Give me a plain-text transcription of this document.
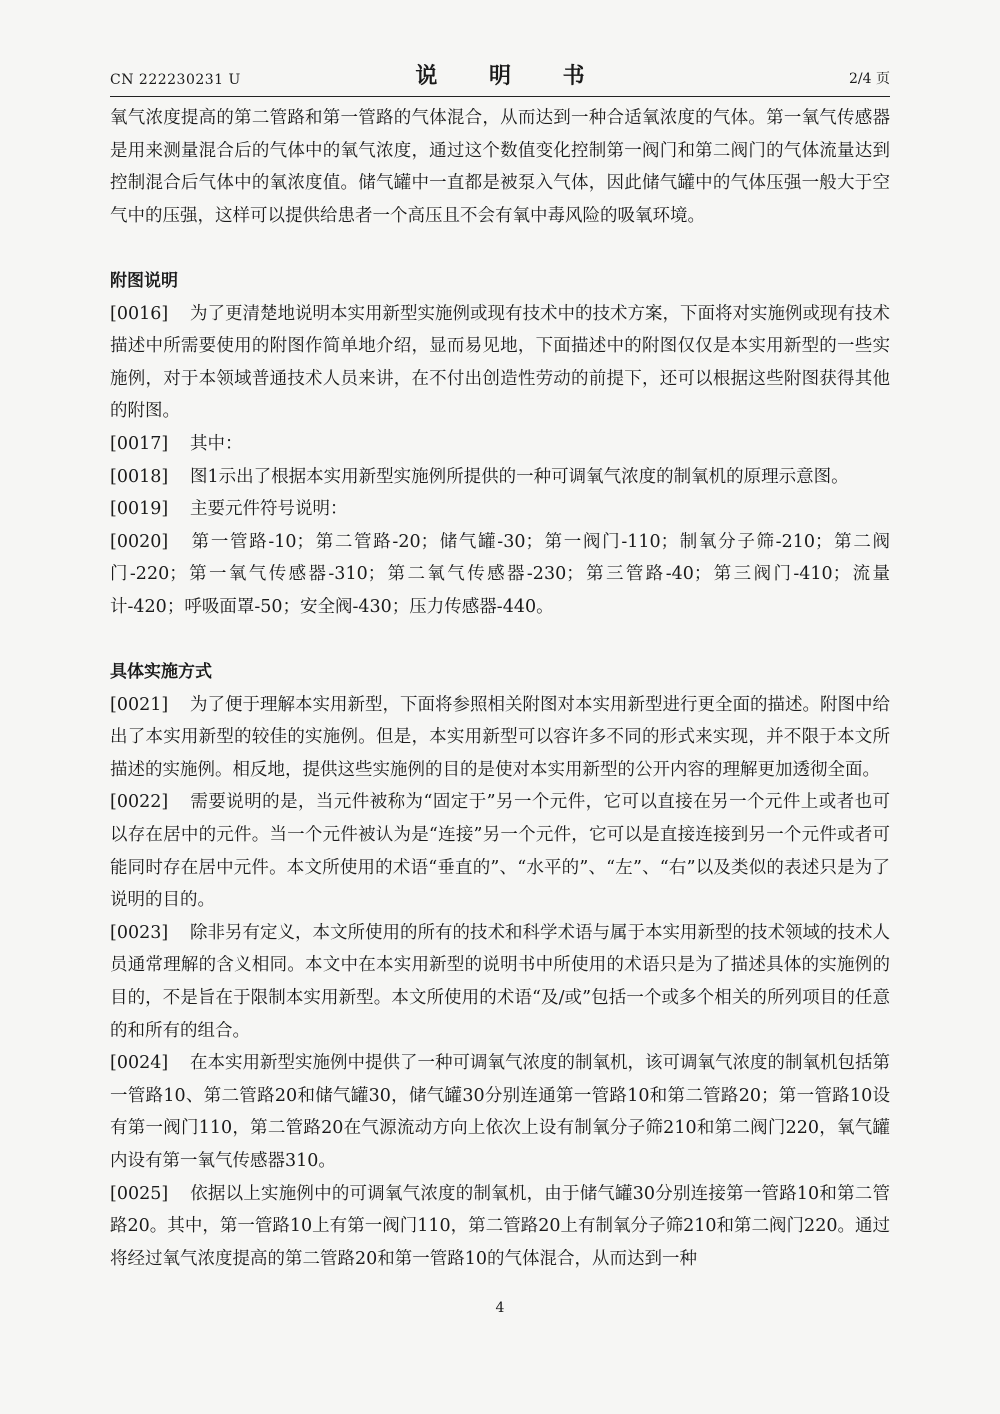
CN 222230231 U	说 明 书	2/4 页

氧气浓度提高的第二管路和第一管路的气体混合，从而达到一种合适氧浓度的气体。第一氧气传感器是用来测量混合后的气体中的氧气浓度，通过这个数值变化控制第一阀门和第二阀门的气体流量达到控制混合后气体中的氧浓度值。储气罐中一直都是被泵入气体，因此储气罐中的气体压强一般大于空气中的压强，这样可以提供给患者一个高压且不会有氧中毒风险的吸氧环境。

附图说明

[0016] 为了更清楚地说明本实用新型实施例或现有技术中的技术方案，下面将对实施例或现有技术描述中所需要使用的附图作简单地介绍，显而易见地，下面描述中的附图仅仅是本实用新型的一些实施例，对于本领域普通技术人员来讲，在不付出创造性劳动的前提下，还可以根据这些附图获得其他的附图。

[0017] 其中：

[0018] 图1示出了根据本实用新型实施例所提供的一种可调氧气浓度的制氧机的原理示意图。

[0019] 主要元件符号说明：

[0020] 第一管路-10；第二管路-20；储气罐-30；第一阀门-110；制氧分子筛-210；第二阀门-220；第一氧气传感器-310；第二氧气传感器-230；第三管路-40；第三阀门-410；流量计-420；呼吸面罩-50；安全阀-430；压力传感器-440。

具体实施方式

[0021] 为了便于理解本实用新型，下面将参照相关附图对本实用新型进行更全面的描述。附图中给出了本实用新型的较佳的实施例。但是，本实用新型可以容许多不同的形式来实现，并不限于本文所描述的实施例。相反地，提供这些实施例的目的是使对本实用新型的公开内容的理解更加透彻全面。

[0022] 需要说明的是，当元件被称为“固定于”另一个元件，它可以直接在另一个元件上或者也可以存在居中的元件。当一个元件被认为是“连接”另一个元件，它可以是直接连接到另一个元件或者可能同时存在居中元件。本文所使用的术语“垂直的”、“水平的”、“左”、“右”以及类似的表述只是为了说明的目的。

[0023] 除非另有定义，本文所使用的所有的技术和科学术语与属于本实用新型的技术领域的技术人员通常理解的含义相同。本文中在本实用新型的说明书中所使用的术语只是为了描述具体的实施例的目的，不是旨在于限制本实用新型。本文所使用的术语“及/或”包括一个或多个相关的所列项目的任意的和所有的组合。

[0024] 在本实用新型实施例中提供了一种可调氧气浓度的制氧机，该可调氧气浓度的制氧机包括第一管路10、第二管路20和储气罐30，储气罐30分别连通第一管路10和第二管路20；第一管路10设有第一阀门110，第二管路20在气源流动方向上依次上设有制氧分子筛210和第二阀门220，氧气罐内设有第一氧气传感器310。

[0025] 依据以上实施例中的可调氧气浓度的制氧机，由于储气罐30分别连接第一管路10和第二管路20。其中，第一管路10上有第一阀门110，第二管路20上有制氧分子筛210和第二阀门220。通过将经过氧气浓度提高的第二管路20和第一管路10的气体混合，从而达到一种

4
